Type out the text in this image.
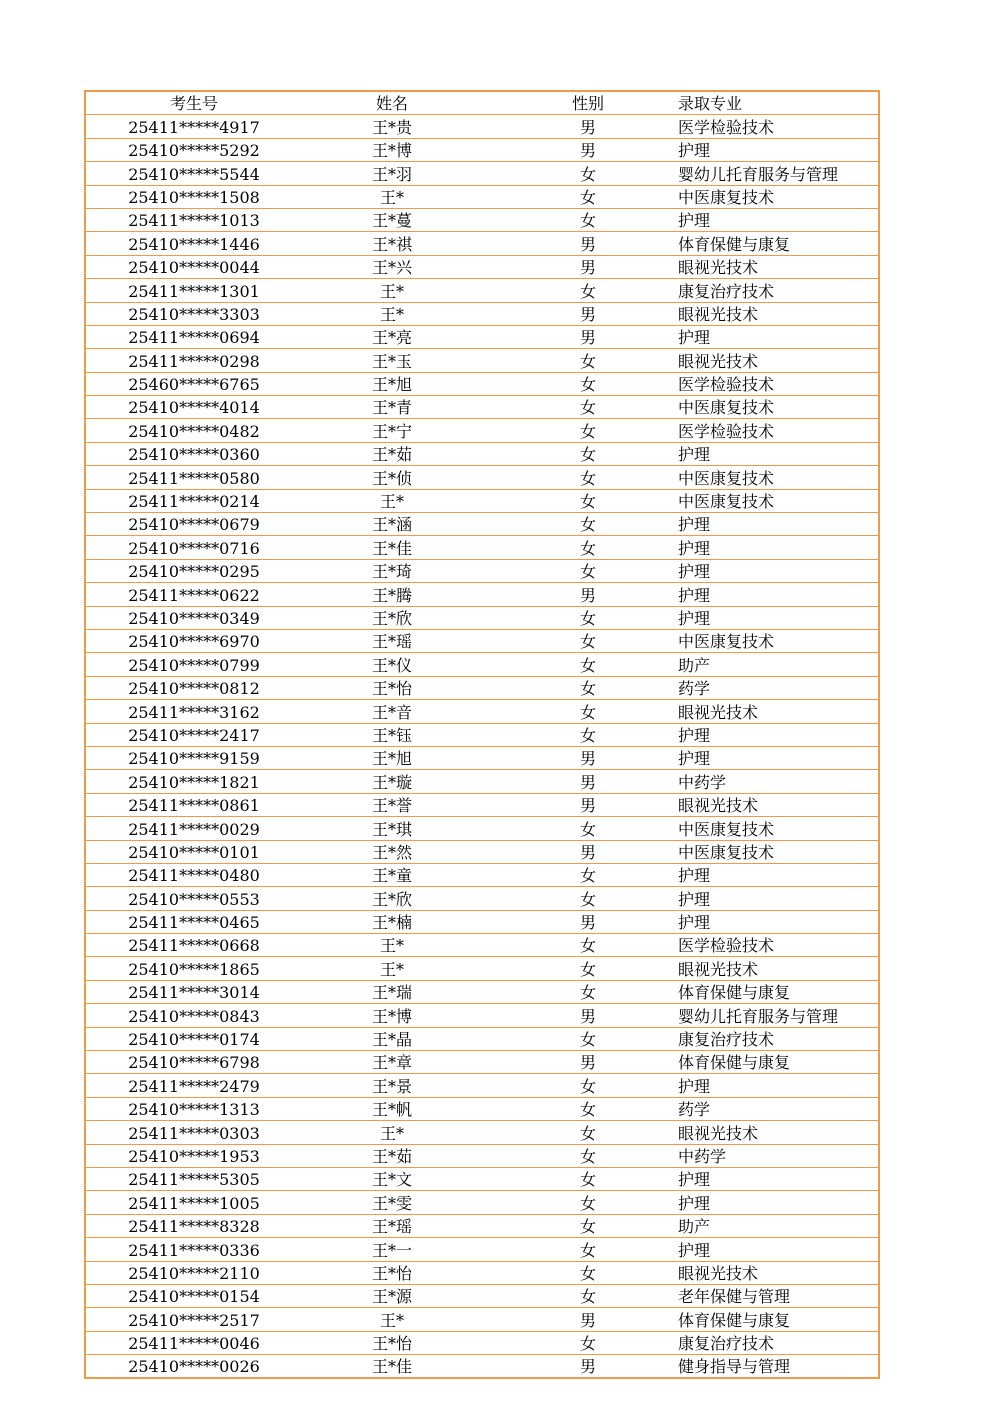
考生号	姓名	性别	录取专业
25411*****4917	王*贵	男	医学检验技术
25410*****5292	王*博	男	护理
25410*****5544	王*羽	女	婴幼儿托育服务与管理
25410*****1508	王*	女	中医康复技术
25411*****1013	王*蔓	女	护理
25410*****1446	王*祺	男	体育保健与康复
25410*****0044	王*兴	男	眼视光技术
25411*****1301	王*	女	康复治疗技术
25410*****3303	王*	男	眼视光技术
25411*****0694	王*亮	男	护理
25411*****0298	王*玉	女	眼视光技术
25460*****6765	王*旭	女	医学检验技术
25410*****4014	王*青	女	中医康复技术
25410*****0482	王*宁	女	医学检验技术
25410*****0360	王*茹	女	护理
25411*****0580	王*侦	女	中医康复技术
25411*****0214	王*	女	中医康复技术
25410*****0679	王*涵	女	护理
25410*****0716	王*佳	女	护理
25410*****0295	王*琦	女	护理
25411*****0622	王*腾	男	护理
25410*****0349	王*欣	女	护理
25410*****6970	王*瑶	女	中医康复技术
25410*****0799	王*仪	女	助产
25410*****0812	王*怡	女	药学
25411*****3162	王*音	女	眼视光技术
25410*****2417	王*钰	女	护理
25410*****9159	王*旭	男	护理
25410*****1821	王*璇	男	中药学
25411*****0861	王*誉	男	眼视光技术
25411*****0029	王*琪	女	中医康复技术
25410*****0101	王*然	男	中医康复技术
25411*****0480	王*童	女	护理
25410*****0553	王*欣	女	护理
25411*****0465	王*楠	男	护理
25411*****0668	王*	女	医学检验技术
25410*****1865	王*	女	眼视光技术
25411*****3014	王*瑞	女	体育保健与康复
25410*****0843	王*博	男	婴幼儿托育服务与管理
25410*****0174	王*晶	女	康复治疗技术
25410*****6798	王*章	男	体育保健与康复
25411*****2479	王*景	女	护理
25410*****1313	王*帆	女	药学
25411*****0303	王*	女	眼视光技术
25410*****1953	王*茹	女	中药学
25411*****5305	王*文	女	护理
25411*****1005	王*雯	女	护理
25411*****8328	王*瑶	女	助产
25411*****0336	王*一	女	护理
25410*****2110	王*怡	女	眼视光技术
25410*****0154	王*源	女	老年保健与管理
25410*****2517	王*	男	体育保健与康复
25411*****0046	王*怡	女	康复治疗技术
25410*****0026	王*佳	男	健身指导与管理
